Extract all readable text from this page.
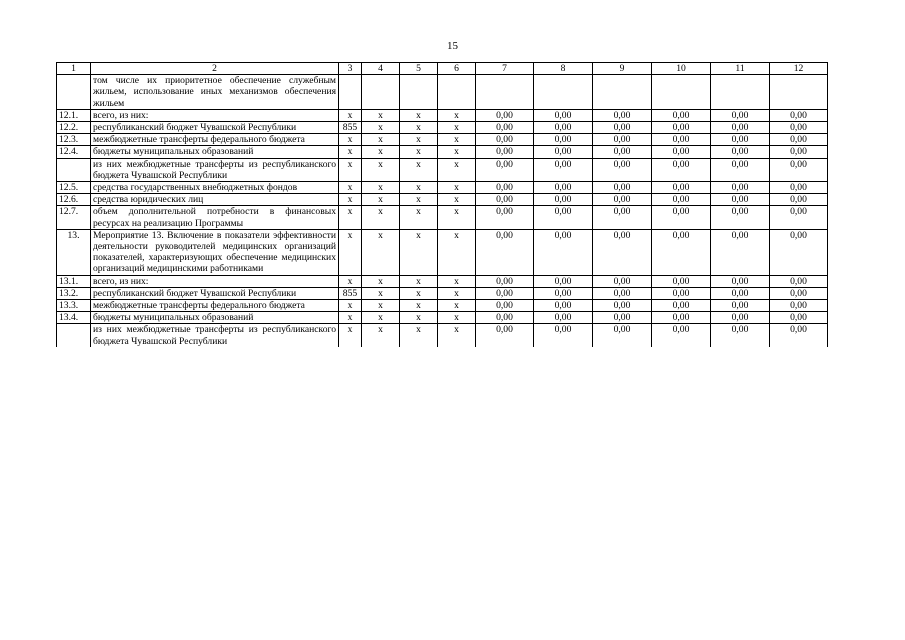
15
1	2	3	4	5	6	7	8	9	10	11	12
	том числе их приоритетное обеспечение служебным жильем, использование иных механизмов обеспечения жильем										
12.1.	всего, из них:	x	x	x	x	0,00	0,00	0,00	0,00	0,00	0,00
12.2.	республиканский бюджет Чувашской Республики	855	x	x	x	0,00	0,00	0,00	0,00	0,00	0,00
12.3.	межбюджетные трансферты федерального бюджета	x	x	x	x	0,00	0,00	0,00	0,00	0,00	0,00
12.4.	бюджеты муниципальных образований	x	x	x	x	0,00	0,00	0,00	0,00	0,00	0,00
	из них межбюджетные трансферты из республиканского бюджета Чувашской Республики	x	x	x	x	0,00	0,00	0,00	0,00	0,00	0,00
12.5.	средства государственных внебюджетных фондов	x	x	x	x	0,00	0,00	0,00	0,00	0,00	0,00
12.6.	средства юридических лиц	x	x	x	x	0,00	0,00	0,00	0,00	0,00	0,00
12.7.	объем дополнительной потребности в финансовых ресурсах на реализацию Программы	x	x	x	x	0,00	0,00	0,00	0,00	0,00	0,00
13.	Мероприятие 13. Включение в показатели эффективности деятельности руководителей медицинских организаций показателей, характеризующих обеспечение медицинских организаций медицинскими работниками	x	x	x	x	0,00	0,00	0,00	0,00	0,00	0,00
13.1.	всего, из них:	x	x	x	x	0,00	0,00	0,00	0,00	0,00	0,00
13.2.	республиканский бюджет Чувашской Республики	855	x	x	x	0,00	0,00	0,00	0,00	0,00	0,00
13.3.	межбюджетные трансферты федерального бюджета	x	x	x	x	0,00	0,00	0,00	0,00	0,00	0,00
13.4.	бюджеты муниципальных образований	x	x	x	x	0,00	0,00	0,00	0,00	0,00	0,00
	из них межбюджетные трансферты из республиканского бюджета Чувашской Республики	x	x	x	x	0,00	0,00	0,00	0,00	0,00	0,00
